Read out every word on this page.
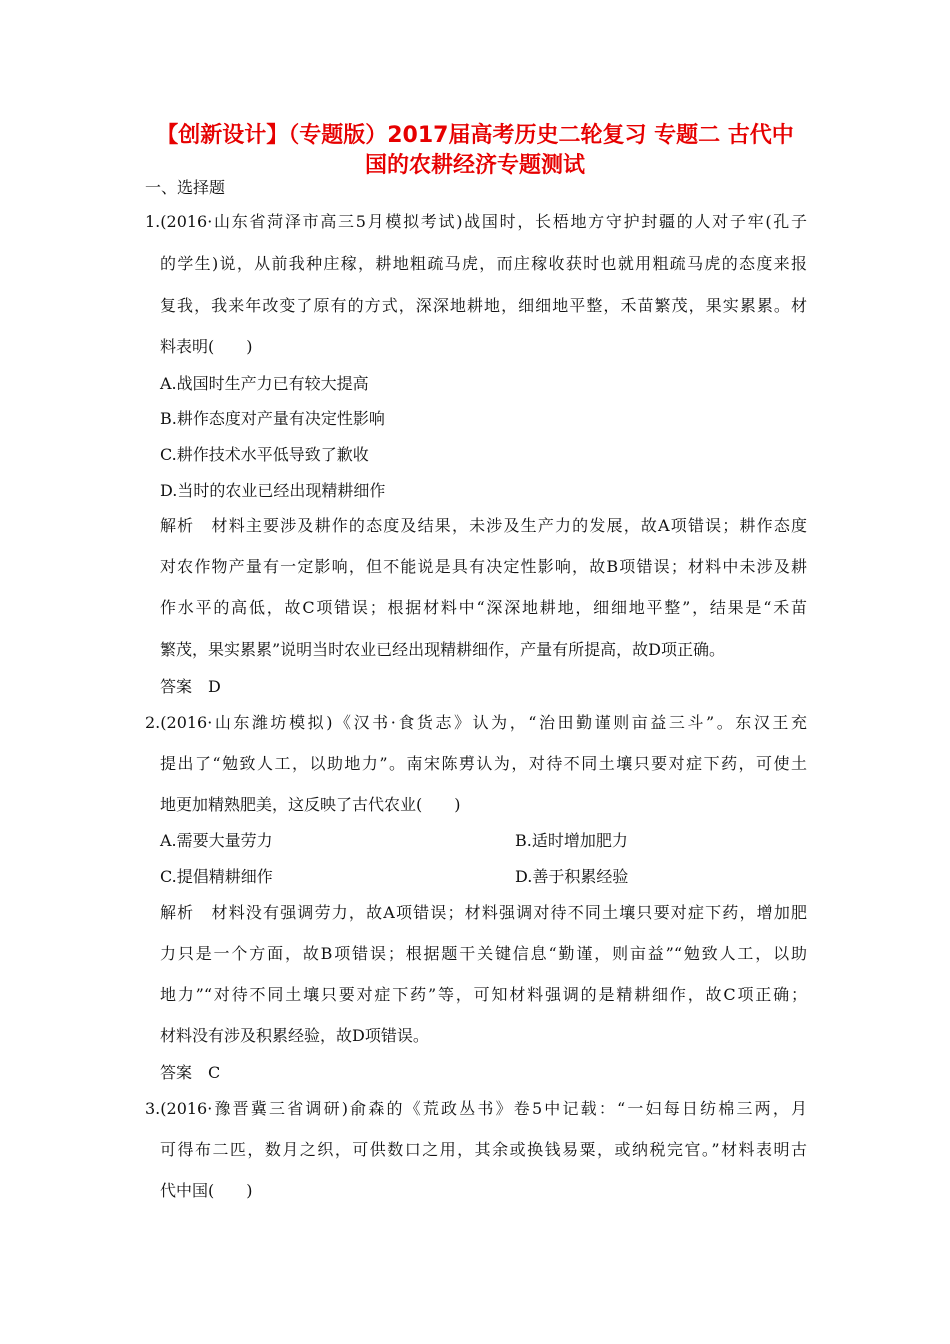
【创新设计】（专题版）2017届高考历史二轮复习 专题二 古代中
国的农耕经济专题测试
一、选择题
1.(2016·山东省菏泽市高三5月模拟考试)战国时，长梧地方守护封疆的人对子牢(孔子
的学生)说，从前我种庄稼，耕地粗疏马虎，而庄稼收获时也就用粗疏马虎的态度来报
复我，我来年改变了原有的方式，深深地耕地，细细地平整，禾苗繁茂，果实累累。材
料表明(　　)
A.战国时生产力已有较大提高
B.耕作态度对产量有决定性影响
C.耕作技术水平低导致了歉收
D.当时的农业已经出现精耕细作
解析　材料主要涉及耕作的态度及结果，未涉及生产力的发展，故A项错误；耕作态度
对农作物产量有一定影响，但不能说是具有决定性影响，故B项错误；材料中未涉及耕
作水平的高低，故C项错误；根据材料中“深深地耕地，细细地平整”，结果是“禾苗
繁茂，果实累累”说明当时农业已经出现精耕细作，产量有所提高，故D项正确。
答案　D
2.(2016·山东潍坊模拟)《汉书·食货志》认为，“治田勤谨则亩益三斗”。东汉王充
提出了“勉致人工，以助地力”。南宋陈旉认为，对待不同土壤只要对症下药，可使土
地更加精熟肥美，这反映了古代农业(　　)
A.需要大量劳力	B.适时增加肥力
C.提倡精耕细作	D.善于积累经验
解析　材料没有强调劳力，故A项错误；材料强调对待不同土壤只要对症下药，增加肥
力只是一个方面，故B项错误；根据题干关键信息“勤谨，则亩益”“勉致人工，以助
地力”“对待不同土壤只要对症下药”等，可知材料强调的是精耕细作，故C项正确；
材料没有涉及积累经验，故D项错误。
答案　C
3.(2016·豫晋冀三省调研)俞森的《荒政丛书》卷5中记载：“一妇每日纺棉三两，月
可得布二匹，数月之织，可供数口之用，其余或换钱易粟，或纳税完官。”材料表明古
代中国(　　)
